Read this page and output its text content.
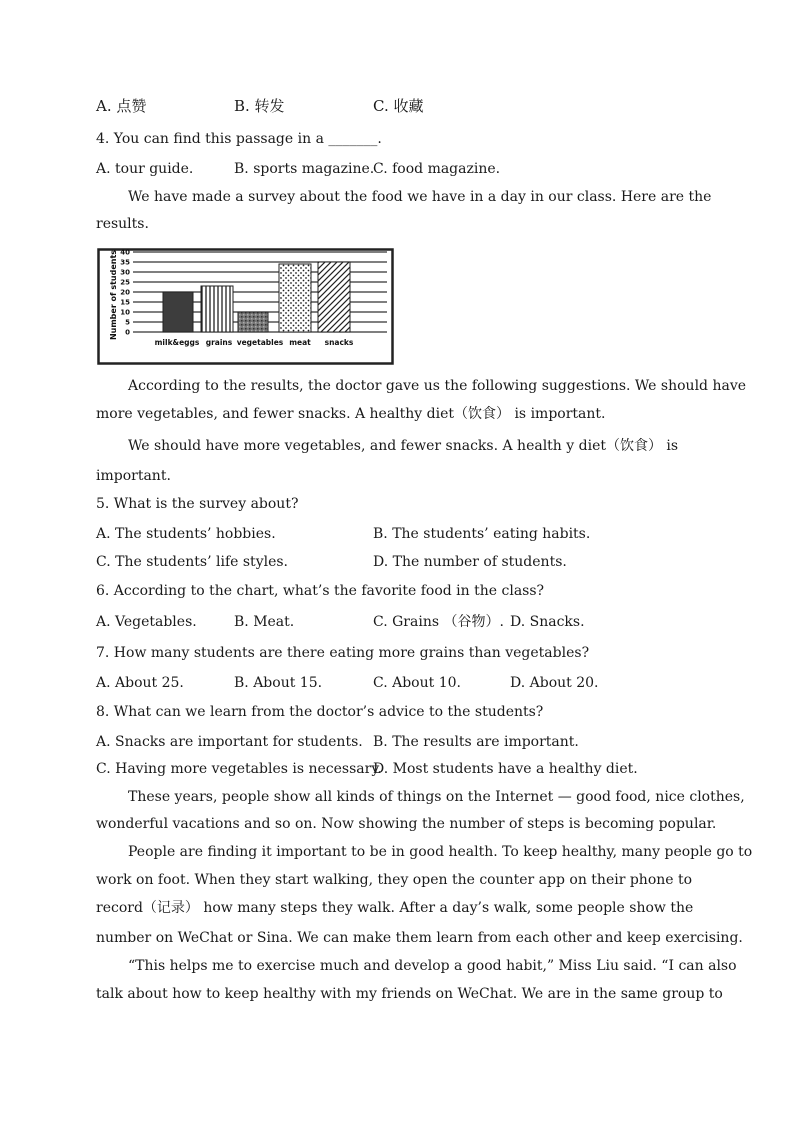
A. 点赞	B. 转发	C. 收藏
4. You can find this passage in a _______.
A. tour guide.	B. sports magazine.
C. food magazine.
We have made a survey about the food we have in a day in our class. Here are the
results.
0
5
10
15
20
25
30
35
40
milk&eggs grains vegetables meat snacks
Number of students
According to the results, the doctor gave us the following suggestions. We should have
more vegetables, and fewer snacks. A healthy diet（饮食） is important.
We should have more vegetables, and fewer snacks. A health y diet（饮食） is
important.
5. What is the survey about?
A. The students’ hobbies.	B. The students’ eating habits.
C. The students’ life styles.	D. The number of students.
6. According to the chart, what’s the favorite food in the class?
A. Vegetables.	B. Meat.	C. Grains （谷物）. D. Snacks.
7. How many students are there eating more grains than vegetables?
A. About 25.	B. About 15.	C. About 10.	D. About 20.
8. What can we learn from the doctor’s advice to the students?
A. Snacks are important for students. B. The results are important.
C. Having more vegetables is necessary.
D. Most students have a healthy diet.
These years, people show all kinds of things on the Internet — good food, nice clothes,
wonderful vacations and so on. Now showing the number of steps is becoming popular.
People are finding it important to be in good health. To keep healthy, many people go to
work on foot. When they start walking, they open the counter app on their phone to
record（记录） how many steps they walk. After a day’s walk, some people show the
number on WeChat or Sina. We can make them learn from each other and keep exercising.
“This helps me to exercise much and develop a good habit,” Miss Liu said. “I can also
talk about how to keep healthy with my friends on WeChat. We are in the same group to
